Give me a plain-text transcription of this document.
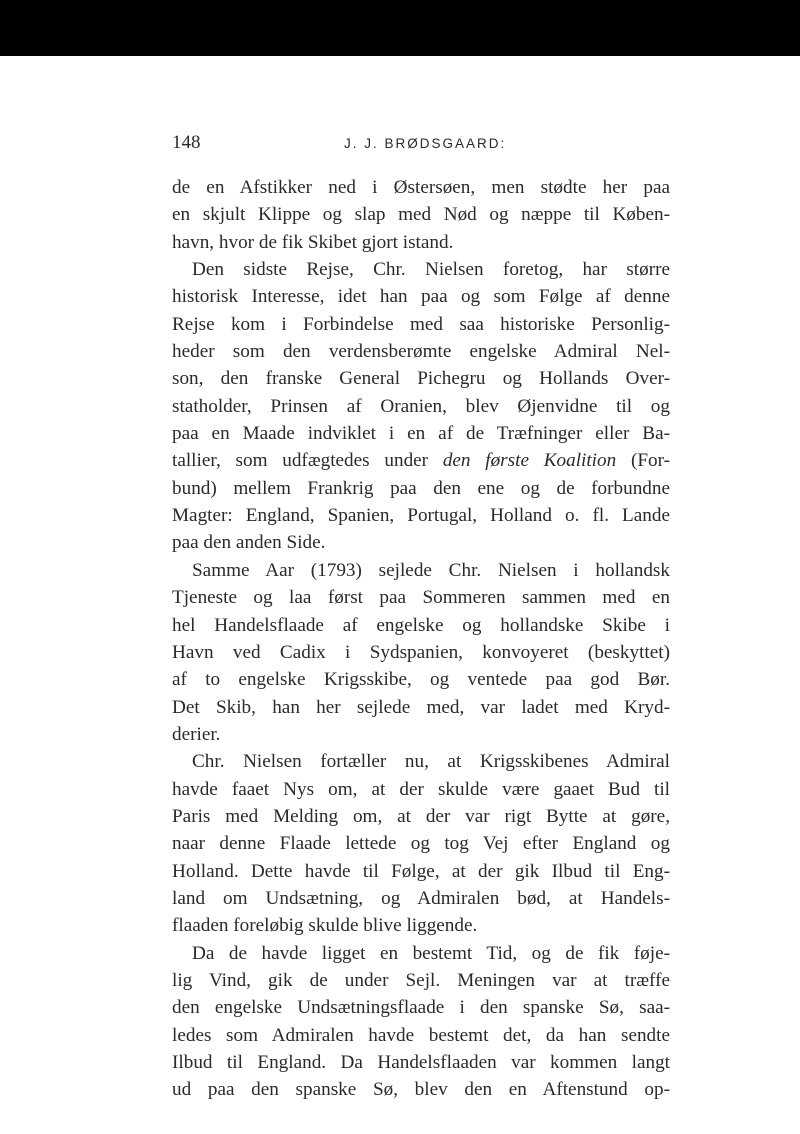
148	J. J. BRØDSGAARD:
de en Afstikker ned i Østersøen, men stødte her paa
en skjult Klippe og slap med Nød og næppe til Køben-
havn, hvor de fik Skibet gjort istand.
Den sidste Rejse, Chr. Nielsen foretog, har større
historisk Interesse, idet han paa og som Følge af denne
Rejse kom i Forbindelse med saa historiske Personlig-
heder som den verdensberømte engelske Admiral Nel-
son, den franske General Pichegru og Hollands Over-
statholder, Prinsen af Oranien, blev Øjenvidne til og
paa en Maade indviklet i en af de Træfninger eller Ba-
tallier, som udfægtedes under den første Koalition (For-
bund) mellem Frankrig paa den ene og de forbundne
Magter: England, Spanien, Portugal, Holland o. fl. Lande
paa den anden Side.
Samme Aar (1793) sejlede Chr. Nielsen i hollandsk
Tjeneste og laa først paa Sommeren sammen med en
hel Handelsflaade af engelske og hollandske Skibe i
Havn ved Cadix i Sydspanien, konvoyeret (beskyttet)
af to engelske Krigsskibe, og ventede paa god Bør.
Det Skib, han her sejlede med, var ladet med Kryd-
derier.
Chr. Nielsen fortæller nu, at Krigsskibenes Admiral
havde faaet Nys om, at der skulde være gaaet Bud til
Paris med Melding om, at der var rigt Bytte at gøre,
naar denne Flaade lettede og tog Vej efter England og
Holland. Dette havde til Følge, at der gik Ilbud til Eng-
land om Undsætning, og Admiralen bød, at Handels-
flaaden foreløbig skulde blive liggende.
Da de havde ligget en bestemt Tid, og de fik føje-
lig Vind, gik de under Sejl. Meningen var at træffe
den engelske Undsætningsflaade i den spanske Sø, saa-
ledes som Admiralen havde bestemt det, da han sendte
Ilbud til England. Da Handelsflaaden var kommen langt
ud paa den spanske Sø, blev den en Aftenstund op-
